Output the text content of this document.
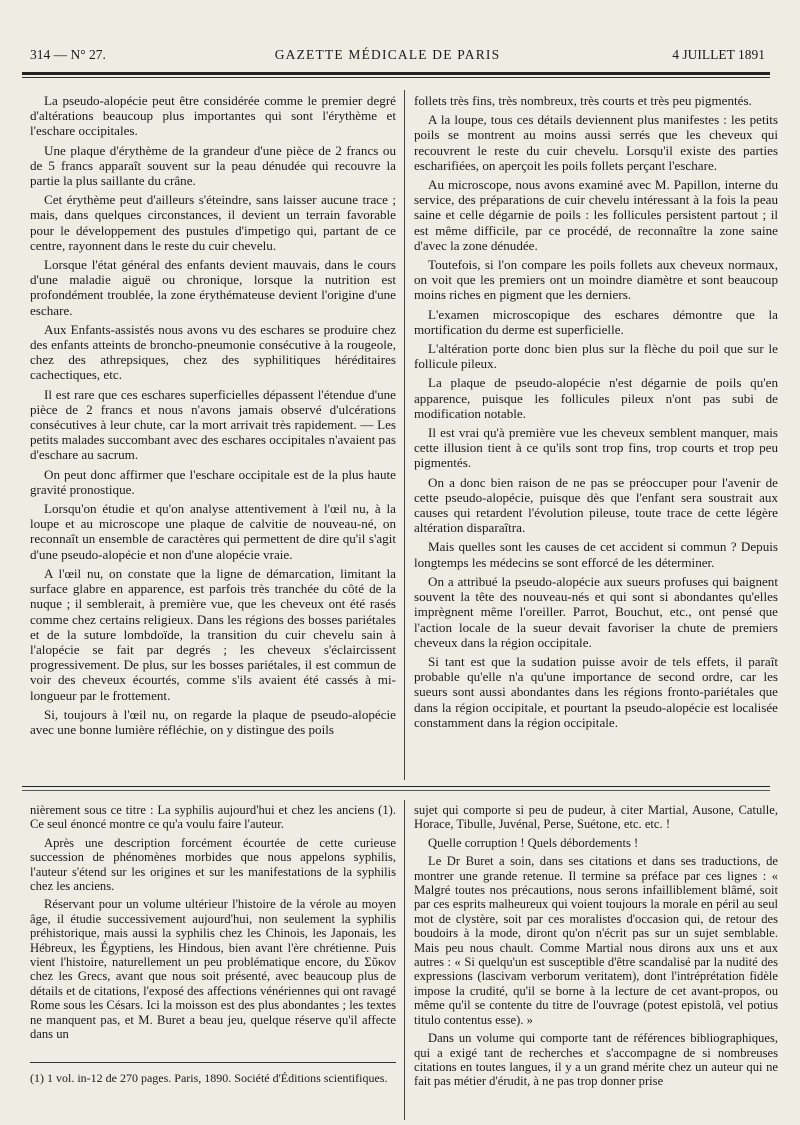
314 — N° 27.	GAZETTE MÉDICALE DE PARIS	4 JUILLET 1891

La pseudo-alopécie peut être considérée comme le premier degré d'altérations beaucoup plus importantes qui sont l'érythème et l'eschare occipitales.

Une plaque d'érythème de la grandeur d'une pièce de 2 francs ou de 5 francs apparaît souvent sur la peau dénudée qui recouvre la partie la plus saillante du crâne.

Cet érythème peut d'ailleurs s'éteindre, sans laisser aucune trace ; mais, dans quelques circonstances, il devient un terrain favorable pour le développement des pustules d'impetigo qui, partant de ce centre, rayonnent dans le reste du cuir chevelu.

Lorsque l'état général des enfants devient mauvais, dans le cours d'une maladie aiguë ou chronique, lorsque la nutrition est profondément troublée, la zone érythémateuse devient l'origine d'une eschare.

Aux Enfants-assistés nous avons vu des eschares se produire chez des enfants atteints de broncho-pneumonie consécutive à la rougeole, chez des athrepsiques, chez des syphilitiques héréditaires cachectiques, etc.

Il est rare que ces eschares superficielles dépassent l'étendue d'une pièce de 2 francs et nous n'avons jamais observé d'ulcérations consécutives à leur chute, car la mort arrivait très rapidement. — Les petits malades succombant avec des eschares occipitales n'avaient pas d'eschare au sacrum.

On peut donc affirmer que l'eschare occipitale est de la plus haute gravité pronostique.

Lorsqu'on étudie et qu'on analyse attentivement à l'œil nu, à la loupe et au microscope une plaque de calvitie de nouveau-né, on reconnaît un ensemble de caractères qui permettent de dire qu'il s'agit d'une pseudo-alopécie et non d'une alopécie vraie.

A l'œil nu, on constate que la ligne de démarcation, limitant la surface glabre en apparence, est parfois très tranchée du côté de la nuque ; il semblerait, à première vue, que les cheveux ont été rasés comme chez certains religieux. Dans les régions des bosses pariétales et de la suture lombdoïde, la transition du cuir chevelu sain à l'alopécie se fait par degrés ; les cheveux s'éclaircissent progressivement. De plus, sur les bosses pariétales, il est commun de voir des cheveux écourtés, comme s'ils avaient été cassés à mi-longueur par le frottement.

Si, toujours à l'œil nu, on regarde la plaque de pseudo-alopécie avec une bonne lumière réfléchie, on y distingue des poils

follets très fins, très nombreux, très courts et très peu pigmentés.

A la loupe, tous ces détails deviennent plus manifestes : les petits poils se montrent au moins aussi serrés que les cheveux qui recouvrent le reste du cuir chevelu. Lorsqu'il existe des parties escharifiées, on aperçoit les poils follets perçant l'eschare.

Au microscope, nous avons examiné avec M. Papillon, interne du service, des préparations de cuir chevelu intéressant à la fois la peau saine et celle dégarnie de poils : les follicules persistent partout ; il est même difficile, par ce procédé, de reconnaître la zone saine d'avec la zone dénudée.

Toutefois, si l'on compare les poils follets aux cheveux normaux, on voit que les premiers ont un moindre diamètre et sont beaucoup moins riches en pigment que les derniers.

L'examen microscopique des eschares démontre que la mortification du derme est superficielle.

L'altération porte donc bien plus sur la flèche du poil que sur le follicule pileux.

La plaque de pseudo-alopécie n'est dégarnie de poils qu'en apparence, puisque les follicules pileux n'ont pas subi de modification notable.

Il est vrai qu'à première vue les cheveux semblent manquer, mais cette illusion tient à ce qu'ils sont trop fins, trop courts et trop peu pigmentés.

On a donc bien raison de ne pas se préoccuper pour l'avenir de cette pseudo-alopécie, puisque dès que l'enfant sera soustrait aux causes qui retardent l'évolution pileuse, toute trace de cette légère altération disparaîtra.

Mais quelles sont les causes de cet accident si commun ? Depuis longtemps les médecins se sont efforcé de les déterminer.

On a attribué la pseudo-alopécie aux sueurs profuses qui baignent souvent la tête des nouveau-nés et qui sont si abondantes qu'elles imprègnent même l'oreiller. Parrot, Bouchut, etc., ont pensé que l'action locale de la sueur devait favoriser la chute de premiers cheveux dans la région occipitale.

Si tant est que la sudation puisse avoir de tels effets, il paraît probable qu'elle n'a qu'une importance de second ordre, car les sueurs sont aussi abondantes dans les régions fronto-pariétales que dans la région occipitale, et pourtant la pseudo-alopécie est localisée constamment dans la région occipitale.

nièrement sous ce titre : La syphilis aujourd'hui et chez les anciens (1). Ce seul énoncé montre ce qu'a voulu faire l'auteur.

Après une description forcément écourtée de cette curieuse succession de phénomènes morbides que nous appelons syphilis, l'auteur s'étend sur les origines et sur les manifestations de la syphilis chez les anciens.

Réservant pour un volume ultérieur l'histoire de la vérole au moyen âge, il étudie successivement aujourd'hui, non seulement la syphilis préhistorique, mais aussi la syphilis chez les Chinois, les Japonais, les Hébreux, les Égyptiens, les Hindous, bien avant l'ère chrétienne. Puis vient l'histoire, naturellement un peu problématique encore, du Σῦκον chez les Grecs, avant que nous soit présenté, avec beaucoup plus de détails et de citations, l'exposé des affections vénériennes qui ont ravagé Rome sous les Césars. Ici la moisson est des plus abondantes ; les textes ne manquent pas, et M. Buret a beau jeu, quelque réserve qu'il affecte dans un

sujet qui comporte si peu de pudeur, à citer Martial, Ausone, Catulle, Horace, Tibulle, Juvénal, Perse, Suétone, etc. etc. !

Quelle corruption ! Quels débordements !

Le Dr Buret a soin, dans ses citations et dans ses traductions, de montrer une grande retenue. Il termine sa préface par ces lignes : « Malgré toutes nos précautions, nous serons infailliblement blâmé, soit par ces esprits malheureux qui voient toujours la morale en péril au seul mot de clystère, soit par ces moralistes d'occasion qui, de retour des boudoirs à la mode, diront qu'on n'écrit pas sur un sujet semblable. Mais peu nous chault. Comme Martial nous dirons aux uns et aux autres : « Si quelqu'un est susceptible d'être scandalisé par la nudité des expressions (lascivam verborum veritatem), dont l'intréprétation fidèle impose la crudité, qu'il se borne à la lecture de cet avant-propos, ou même qu'il se contente du titre de l'ouvrage (potest epistolâ, vel potius titulo contentus esse). »

Dans un volume qui comporte tant de références bibliographiques, qui a exigé tant de recherches et s'accompagne de si nombreuses citations en toutes langues, il y a un grand mérite chez un auteur qui ne fait pas métier d'érudit, à ne pas trop donner prise

(1) 1 vol. in-12 de 270 pages. Paris, 1890. Société d'Éditions scientifiques.
